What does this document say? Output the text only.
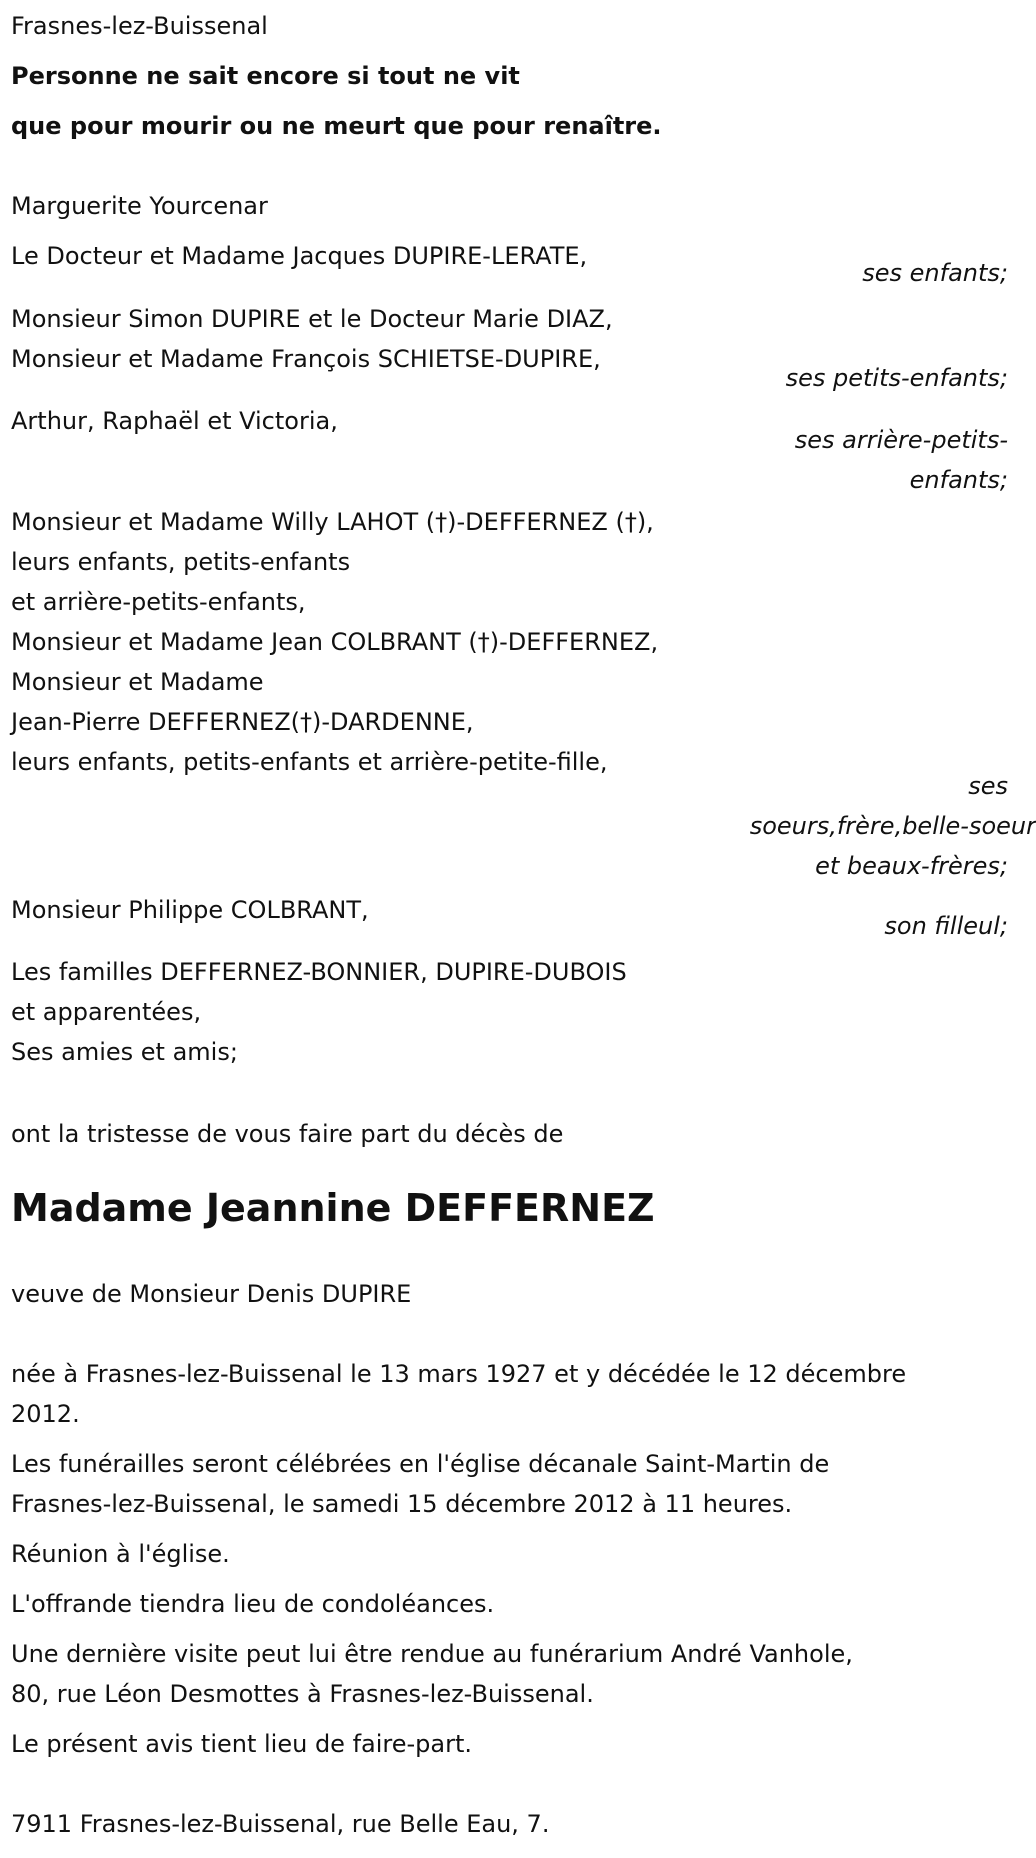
Frasnes-lez-Buissenal
Personne ne sait encore si tout ne vit
que pour mourir ou ne meurt que pour renaître.
Marguerite Yourcenar
Le Docteur et Madame Jacques DUPIRE-LERATE,
Monsieur Simon DUPIRE et le Docteur Marie DIAZ,
Monsieur et Madame François SCHIETSE-DUPIRE,
Arthur, Raphaël et Victoria,
Monsieur et Madame Willy LAHOT (†)-DEFFERNEZ (†),
leurs enfants, petits-enfants
et arrière-petits-enfants,
Monsieur et Madame Jean COLBRANT (†)-DEFFERNEZ,
Monsieur et Madame
Jean-Pierre DEFFERNEZ(†)-DARDENNE,
leurs enfants, petits-enfants et arrière-petite-fille,
Monsieur Philippe COLBRANT,
Les familles DEFFERNEZ-BONNIER, DUPIRE-DUBOIS
et apparentées,
Ses amies et amis;
ont la tristesse de vous faire part du décès de
Madame Jeannine DEFFERNEZ
veuve de Monsieur Denis DUPIRE
née à Frasnes-lez-Buissenal le 13 mars 1927 et y décédée le 12 décembre
2012.
Les funérailles seront célébrées en l'église décanale Saint-Martin de
Frasnes-lez-Buissenal, le samedi 15 décembre 2012 à 11 heures.
Réunion à l'église.
L'offrande tiendra lieu de condoléances.
Une dernière visite peut lui être rendue au funérarium André Vanhole,
80, rue Léon Desmottes à Frasnes-lez-Buissenal.
Le présent avis tient lieu de faire-part.
7911 Frasnes-lez-Buissenal, rue Belle Eau, 7.
ses enfants;
ses petits-enfants;
ses arrière-petits-
enfants;
ses
soeurs,frère,belle-soeur
et beaux-frères;
son filleul;
